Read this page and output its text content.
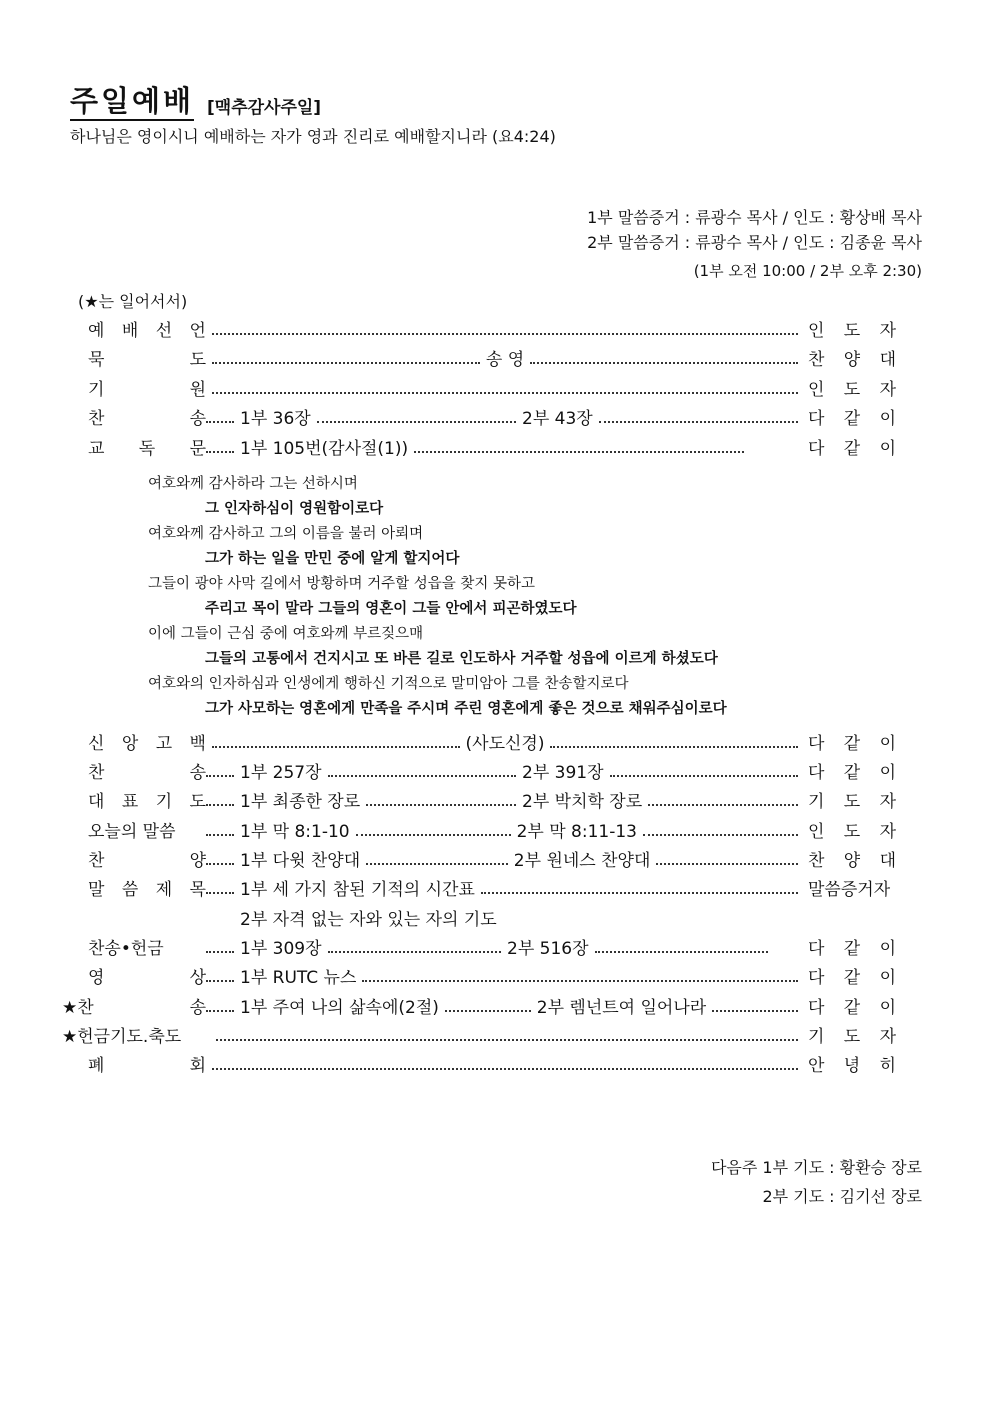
주일예배 [맥추감사주일]
하나님은 영이시니 예배하는 자가 영과 진리로 예배할지니라 (요4:24)
1부 말씀증거 : 류광수 목사 / 인도 : 황상배 목사
2부 말씀증거 : 류광수 목사 / 인도 : 김종윤 목사
(1부 오전 10:00 / 2부 오후 2:30)
(★는 일어서서)
예 배 선 언	인 도 자
묵	도	송 영	찬 양 대
기	원	인 도 자
찬	송 1부 36장	2부 43장	다 같 이
교 독 문 1부 105번(감사절(1))	다 같 이
여호와께 감사하라 그는 선하시며
그 인자하심이 영원함이로다
여호와께 감사하고 그의 이름을 불러 아뢰며
그가 하는 일을 만민 중에 알게 할지어다
그들이 광야 사막 길에서 방황하며 거주할 성읍을 찾지 못하고
주리고 목이 말라 그들의 영혼이 그들 안에서 피곤하였도다
이에 그들이 근심 중에 여호와께 부르짖으매
그들의 고통에서 건지시고 또 바른 길로 인도하사 거주할 성읍에 이르게 하셨도다
여호와의 인자하심과 인생에게 행하신 기적으로 말미암아 그를 찬송할지로다
그가 사모하는 영혼에게 만족을 주시며 주린 영혼에게 좋은 것으로 채워주심이로다
신 앙 고 백	(사도신경)	다 같 이
찬	송 1부 257장	2부 391장	다 같 이
대 표 기 도 1부 최종한 장로	2부 박치학 장로	기 도 자
오늘의 말씀	1부 막 8:1-10	2부 막 8:11-13	인 도 자
찬	양 1부 다윗 찬양대	2부 원네스 찬양대	찬 양 대
말 씀 제 목 1부 세 가지 참된 기적의 시간표	말씀증거자
2부 자격 없는 자와 있는 자의 기도
찬송•헌금	1부 309장	2부 516장	다 같 이
영	상 1부 RUTC 뉴스	다 같 이
★찬	송 1부 주여 나의 삶속에(2절)	2부 렘넌트여 일어나라	다 같 이
★헌금기도.축도	기 도 자
폐	회	안 녕 히
다음주 1부 기도 : 황환승 장로
2부 기도 : 김기선 장로
